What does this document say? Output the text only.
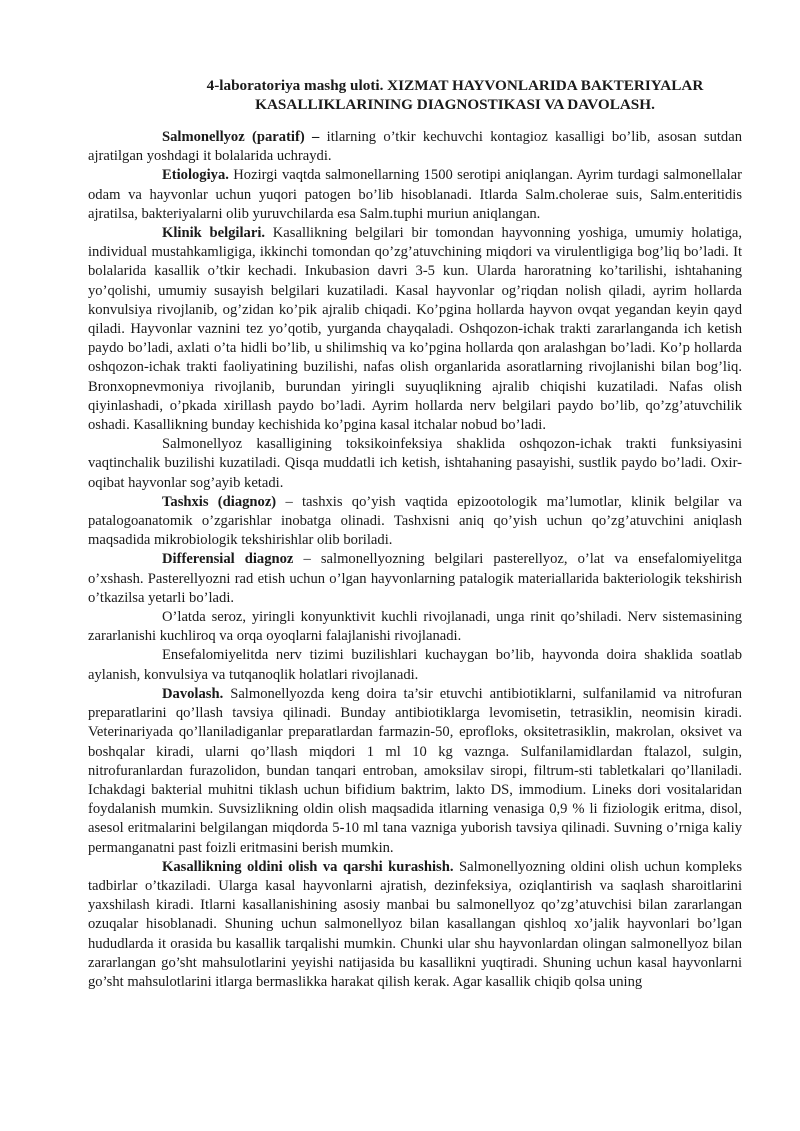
4-laboratoriya mashg uloti. XIZMAT HAYVONLARIDA BAKTERIYALAR
KASALLIKLARINING DIAGNOSTIKASI VA DAVOLASH.

Salmonellyoz (paratif) – itlarning o’tkir kechuvchi kontagioz kasalligi bo’lib, asosan sutdan ajratilgan yoshdagi it bolalarida uchraydi.

Etiologiya. Hozirgi vaqtda salmonellarning 1500 serotipi aniqlangan. Ayrim turdagi salmonellalar odam va hayvonlar uchun yuqori patogen bo’lib hisoblanadi. Itlarda Salm.cholerae suis, Salm.enteritidis ajratilsa, bakteriyalarni olib yuruvchilarda esa Salm.tuphi muriun aniqlangan.

Klinik belgilari. Kasallikning belgilari bir tomondan hayvonning yoshiga, umumiy holatiga, individual mustahkamligiga, ikkinchi tomondan qo’zg’atuvchining miqdori va virulentligiga bog’liq bo’ladi. It bolalarida kasallik o’tkir kechadi. Inkubasion davri 3-5 kun. Ularda haroratning ko’tarilishi, ishtahaning yo’qolishi, umumiy susayish belgilari kuzatiladi. Kasal hayvonlar og’riqdan nolish qiladi, ayrim hollarda konvulsiya rivojlanib, og’zidan ko’pik ajralib chiqadi. Ko’pgina hollarda hayvon ovqat yegandan keyin qayd qiladi. Hayvonlar vaznini tez yo’qotib, yurganda chayqaladi. Oshqozon-ichak trakti zararlanganda ich ketish paydo bo’ladi, axlati o’ta hidli bo’lib, u shilimshiq va ko’pgina hollarda qon aralashgan bo’ladi. Ko’p hollarda oshqozon-ichak trakti faoliyatining buzilishi, nafas olish organlarida asoratlarning rivojlanishi bilan bog’liq. Bronxopnevmoniya rivojlanib, burundan yiringli suyuqlikning ajralib chiqishi kuzatiladi. Nafas olish qiyinlashadi, o’pkada xirillash paydo bo’ladi. Ayrim hollarda nerv belgilari paydo bo’lib, qo’zg’atuvchilik oshadi. Kasallikning bunday kechishida ko’pgina kasal itchalar nobud bo’ladi.

Salmonellyoz kasalligining toksikoinfeksiya shaklida oshqozon-ichak trakti funksiyasini vaqtinchalik buzilishi kuzatiladi. Qisqa muddatli ich ketish, ishtahaning pasayishi, sustlik paydo bo’ladi. Oxir-oqibat hayvonlar sog’ayib ketadi.

Tashxis (diagnoz) – tashxis qo’yish vaqtida epizootologik ma’lumotlar, klinik belgilar va patalogoanatomik o’zgarishlar inobatga olinadi. Tashxisni aniq qo’yish uchun qo’zg’atuvchini aniqlash maqsadida mikrobiologik tekshirishlar olib boriladi.

Differensial diagnoz – salmonellyozning belgilari pasterellyoz, o’lat va ensefalomiyelitga o’xshash. Pasterellyozni rad etish uchun o’lgan hayvonlarning patalogik materiallarida bakteriologik tekshirish o’tkazilsa yetarli bo’ladi.

O’latda seroz, yiringli konyunktivit kuchli rivojlanadi, unga rinit qo’shiladi. Nerv sistemasining zararlanishi kuchliroq va orqa oyoqlarni falajlanishi rivojlanadi.

Ensefalomiyelitda nerv tizimi buzilishlari kuchaygan bo’lib, hayvonda doira shaklida soatlab aylanish, konvulsiya va tutqanoqlik holatlari rivojlanadi.

Davolash. Salmonellyozda keng doira ta’sir etuvchi antibiotiklarni, sulfanilamid va nitrofuran preparatlarini qo’llash tavsiya qilinadi. Bunday antibiotiklarga levomisetin, tetrasiklin, neomisin kiradi. Veterinariyada qo’llaniladiganlar preparatlardan farmazin-50, eprofloks, oksitetrasiklin, makrolan, oksivet va boshqalar kiradi, ularni qo’llash miqdori 1 ml 10 kg vaznga. Sulfanilamidlardan ftalazol, sulgin, nitrofuranlardan furazolidon, bundan tanqari entroban, amoksilav siropi, filtrum-sti tabletkalari qo’llaniladi. Ichakdagi bakterial muhitni tiklash uchun bifidium baktrim, lakto DS, immodium. Lineks dori vositalaridan foydalanish mumkin. Suvsizlikning oldin olish maqsadida itlarning venasiga 0,9 % li fiziologik eritma, disol, asesol eritmalarini belgilangan miqdorda 5-10 ml tana vazniga yuborish tavsiya qilinadi. Suvning o’rniga kaliy permanganatni past foizli eritmasini berish mumkin.

Kasallikning oldini olish va qarshi kurashish. Salmonellyozning oldini olish uchun kompleks tadbirlar o’tkaziladi. Ularga kasal hayvonlarni ajratish, dezinfeksiya, oziqlantirish va saqlash sharoitlarini yaxshilash kiradi. Itlarni kasallanishining asosiy manbai bu salmonellyoz qo’zg’atuvchisi bilan zararlangan ozuqalar hisoblanadi. Shuning uchun salmonellyoz bilan kasallangan qishloq xo’jalik hayvonlari bo’lgan hududlarda it orasida bu kasallik tarqalishi mumkin. Chunki ular shu hayvonlardan olingan salmonellyoz bilan zararlangan go’sht mahsulotlarini yeyishi natijasida bu kasallikni yuqtiradi. Shuning uchun kasal hayvonlarni go’sht mahsulotlarini itlarga bermaslikka harakat qilish kerak. Agar kasallik chiqib qolsa uning
